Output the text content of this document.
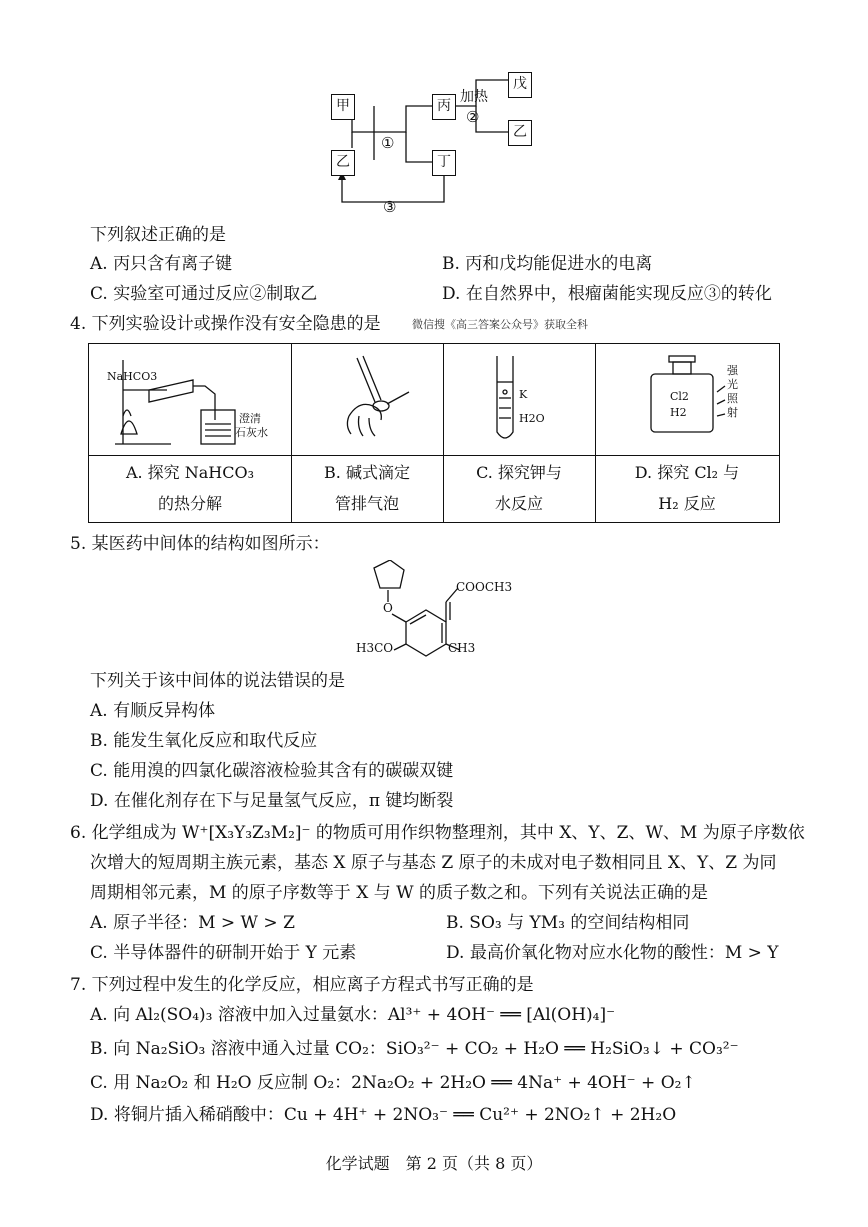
甲
乙
丙
丁
戊
乙
①
加热
②
③
下列叙述正确的是
A. 丙只含有离子键	B. 丙和戊均能促进水的电离
C. 实验室可通过反应②制取乙	D. 在自然界中，根瘤菌能实现反应③的转化
4. 下列实验设计或操作没有安全隐患的是	微信搜《高三答案公众号》获取全科
NaHCO3
澄清
石灰水
K
H2O
Cl2
H2
强光照射
A. 探究 NaHCO₃
的热分解
B. 碱式滴定
管排气泡
C. 探究钾与
水反应
D. 探究 Cl₂ 与
H₂ 反应
5. 某医药中间体的结构如图所示：
COOCH3
O
H3CO	CH3
下列关于该中间体的说法错误的是
A. 有顺反异构体
B. 能发生氧化反应和取代反应
C. 能用溴的四氯化碳溶液检验其含有的碳碳双键
D. 在催化剂存在下与足量氢气反应，π 键均断裂
6. 化学组成为 W⁺[X₃Y₃Z₃M₂]⁻ 的物质可用作织物整理剂，其中 X、Y、Z、W、M 为原子序数依
次增大的短周期主族元素，基态 X 原子与基态 Z 原子的未成对电子数相同且 X、Y、Z 为同
周期相邻元素，M 的原子序数等于 X 与 W 的质子数之和。下列有关说法正确的是
A. 原子半径：M > W > Z	B. SO₃ 与 YM₃ 的空间结构相同
C. 半导体器件的研制开始于 Y 元素	D. 最高价氧化物对应水化物的酸性：M > Y
7. 下列过程中发生的化学反应，相应离子方程式书写正确的是
A. 向 Al₂(SO₄)₃ 溶液中加入过量氨水：Al³⁺ + 4OH⁻ ══ [Al(OH)₄]⁻
B. 向 Na₂SiO₃ 溶液中通入过量 CO₂：SiO₃²⁻ + CO₂ + H₂O ══ H₂SiO₃↓ + CO₃²⁻
C. 用 Na₂O₂ 和 H₂O 反应制 O₂：2Na₂O₂ + 2H₂O ══ 4Na⁺ + 4OH⁻ + O₂↑
D. 将铜片插入稀硝酸中：Cu + 4H⁺ + 2NO₃⁻ ══ Cu²⁺ + 2NO₂↑ + 2H₂O
化学试题　第 2 页（共 8 页）
